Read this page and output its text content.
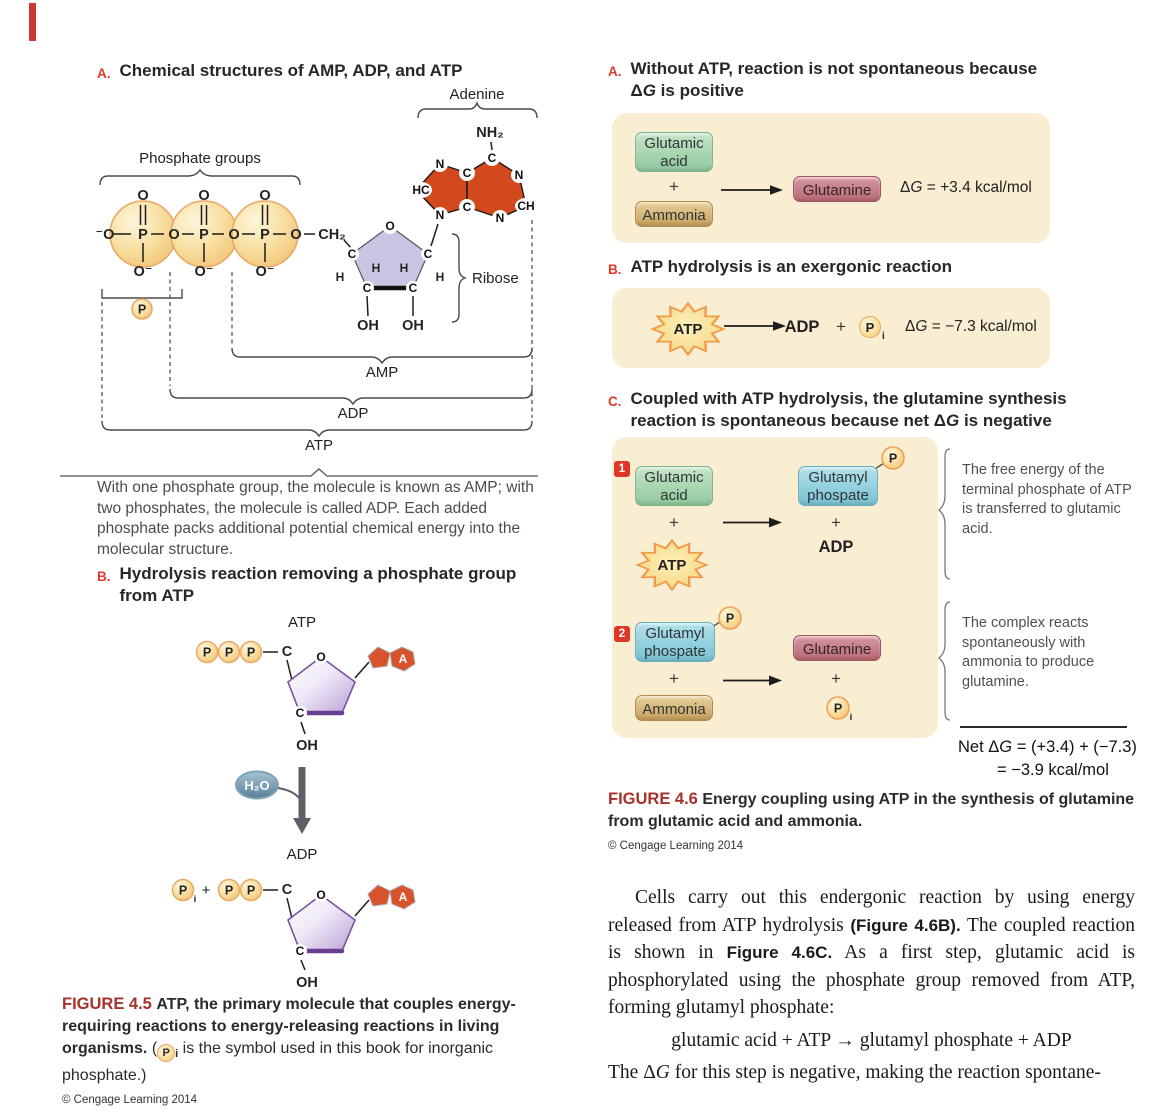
A. Chemical structures of AMP, ADP, and ATP
Adenine
Phosphate groups
⁻O P O P O P O CH₂
O	O	O
O⁻	O⁻	O⁻
N
C	N
HC
C	CH
N	N
C
NH₂
O
C	C
C	C
H H
H	H
OH OH
Ribose
P
AMP
ADP
ATP
With one phosphate group, the molecule is known as AMP; with two phosphates, the molecule is called ADP. Each added phosphate packs additional potential chemical energy into the molecular structure.
B. Hydrolysis reaction removing a phosphate group
from ATP
ATP
P P P	O
C
C
OH
A
H₂O
ADP
P
i
+ P P	O
C
C
OH
A
FIGURE 4.5 ATP, the primary molecule that couples energy-requiring reactions to energy-releasing reactions in living organisms. ( P $_i$ is the symbol used in this book for inorganic phosphate.)
© Cengage Learning 2014
A. Without ATP, reaction is not spontaneous because
ΔG is positive
Glutamic
acid
+
Ammonia
→	Glutamine	ΔG = +3.4 kcal/mol
B. ATP hydrolysis is an exergonic reaction
ATP →
ADP +	P
i
ΔG = −7.3 kcal/mol
C. Coupled with ATP hydrolysis, the glutamine synthesis
reaction is spontaneous because net ΔG is negative
ATP
P
P
P
i
1	Glutamic
acid
+
Glutamyl
phospate
+
ADP
2	Glutamyl
phospate
+
Ammonia
Glutamine
+
The free energy of the terminal phosphate of ATP is transferred to glutamic acid.
The complex reacts spontaneously with ammonia to produce glutamine.
Net ΔG = (+3.4) + (−7.3)
= −3.9 kcal/mol
FIGURE 4.6 Energy coupling using ATP in the synthesis of glutamine from glutamic acid and ammonia.
© Cengage Learning 2014
Cells carry out this endergonic reaction by using energy released from ATP hydrolysis (Figure 4.6B). The coupled reaction is shown in Figure 4.6C. As a first step, glutamic acid is phosphorylated using the phosphate group removed from ATP, forming glutamyl phosphate:
glutamic acid + ATP → glutamyl phosphate + ADP
The ΔG for this step is negative, making the reaction spontane-
